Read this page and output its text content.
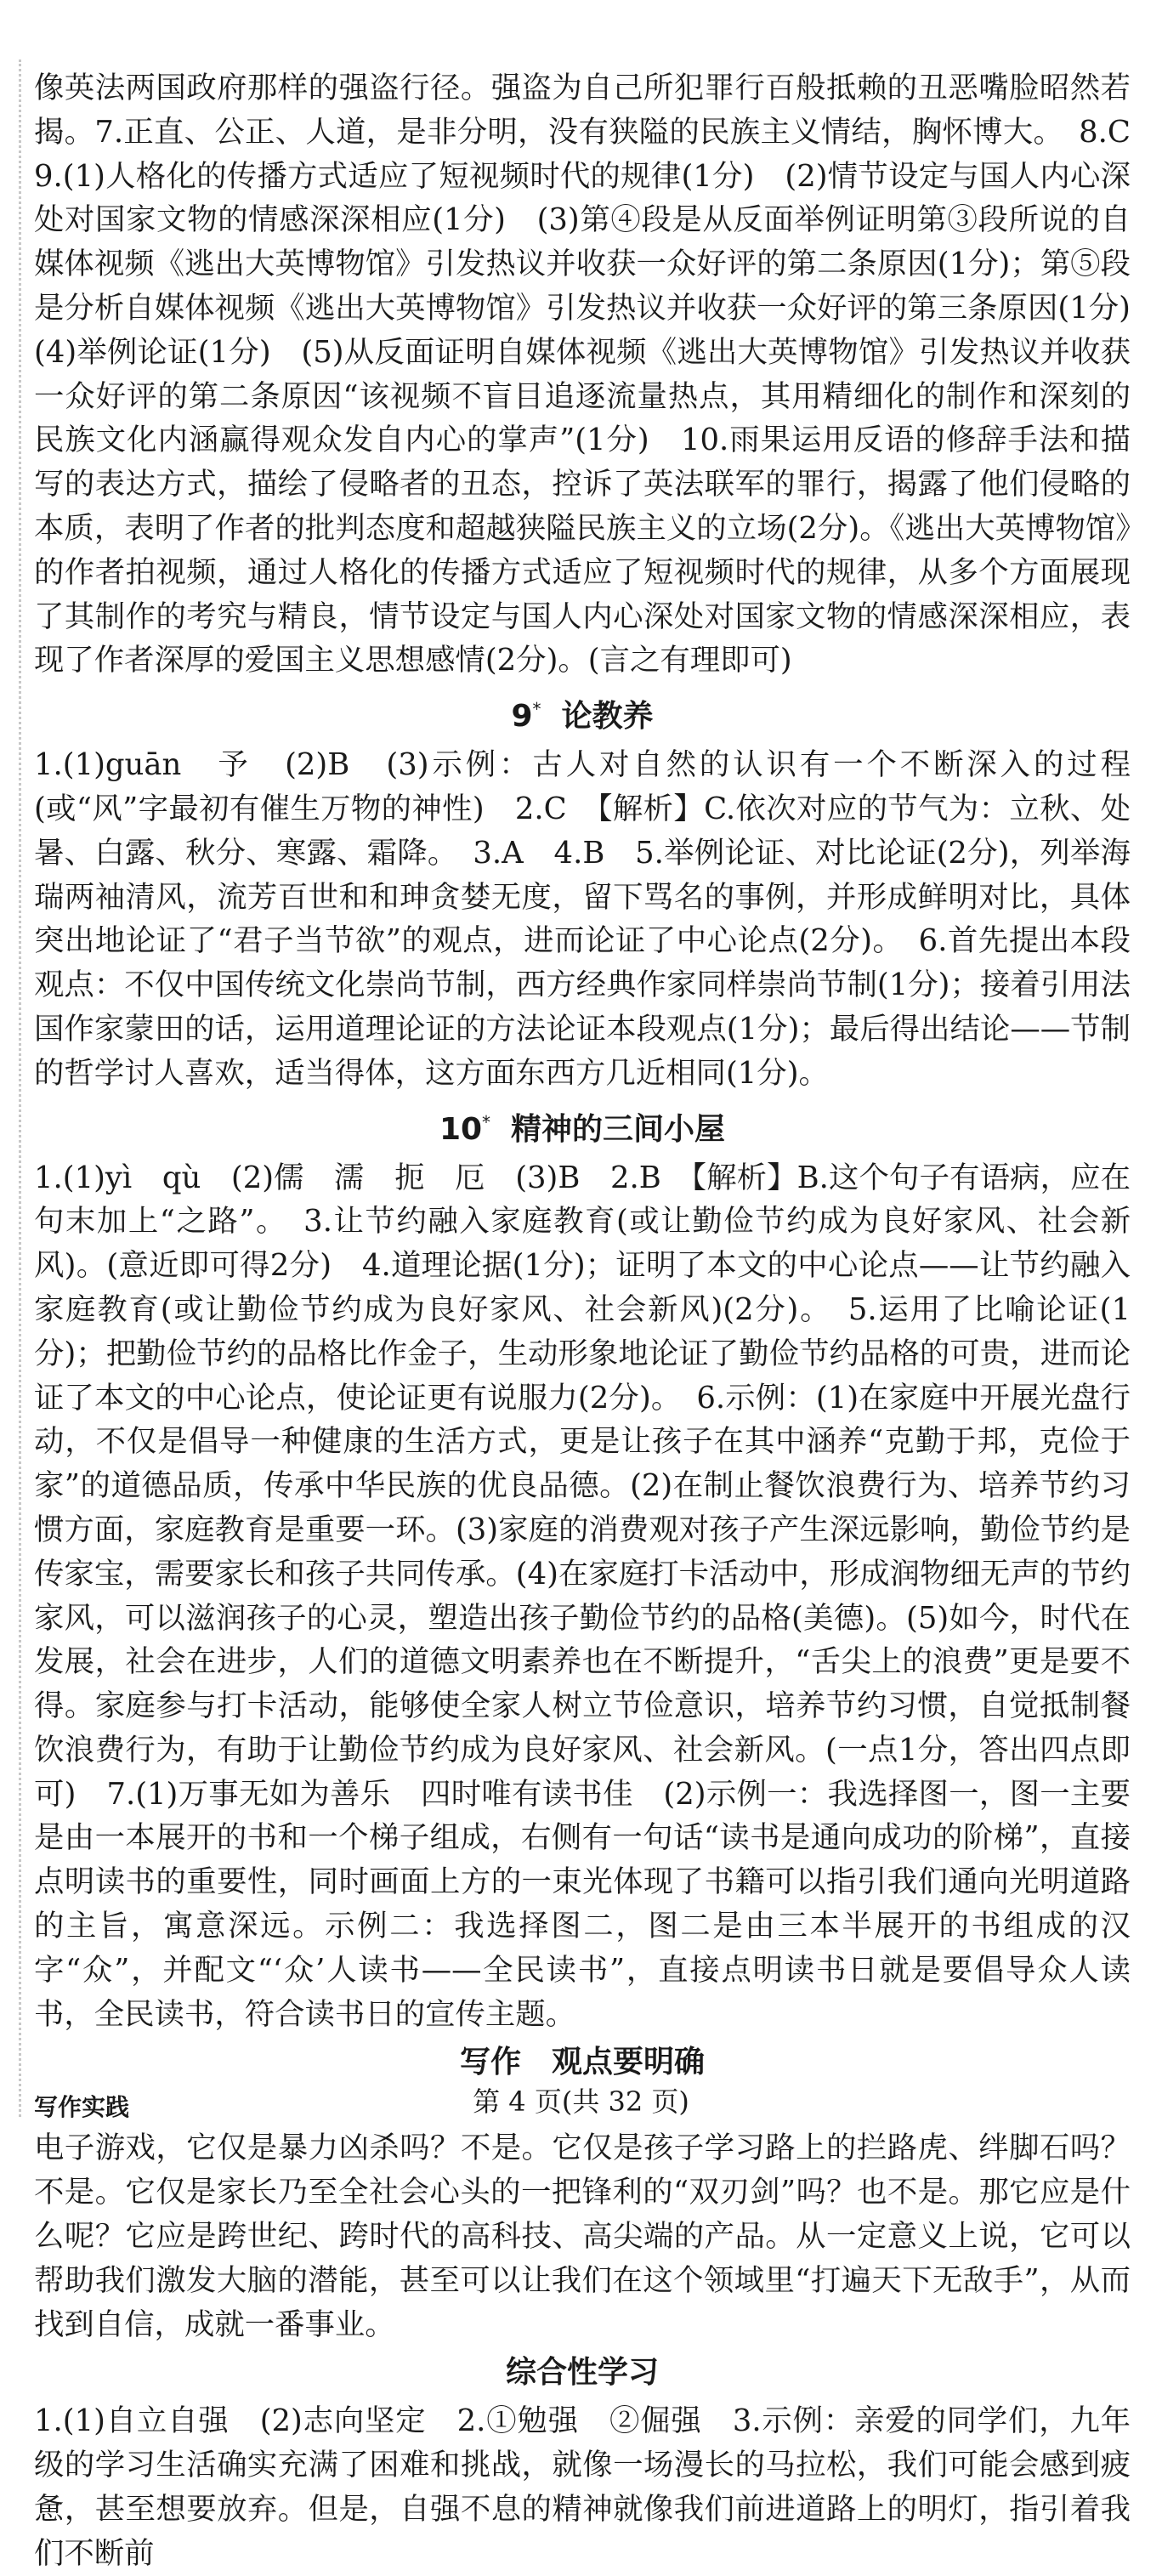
像英法两国政府那样的强盗行径。强盗为自己所犯罪行百般抵赖的丑恶嘴脸昭然若揭。7.正直、公正、人道，是非分明，没有狭隘的民族主义情结，胸怀博大。　8.C　9.(1)人格化的传播方式适应了短视频时代的规律(1分)　(2)情节设定与国人内心深处对国家文物的情感深深相应(1分)　(3)第④段是从反面举例证明第③段所说的自媒体视频《逃出大英博物馆》引发热议并收获一众好评的第二条原因(1分)；第⑤段是分析自媒体视频《逃出大英博物馆》引发热议并收获一众好评的第三条原因(1分)　(4)举例论证(1分)　(5)从反面证明自媒体视频《逃出大英博物馆》引发热议并收获一众好评的第二条原因“该视频不盲目追逐流量热点，其用精细化的制作和深刻的民族文化内涵赢得观众发自内心的掌声”(1分)　10.雨果运用反语的修辞手法和描写的表达方式，描绘了侵略者的丑态，控诉了英法联军的罪行，揭露了他们侵略的本质，表明了作者的批判态度和超越狭隘民族主义的立场(2分)。《逃出大英博物馆》的作者拍视频，通过人格化的传播方式适应了短视频时代的规律，从多个方面展现了其制作的考究与精良，情节设定与国人内心深处对国家文物的情感深深相应，表现了作者深厚的爱国主义思想感情(2分)。(言之有理即可)

9* 论教养

1.(1)guān　予　(2)B　(3)示例：古人对自然的认识有一个不断深入的过程(或“风”字最初有催生万物的神性)　2.C　【解析】C.依次对应的节气为：立秋、处暑、白露、秋分、寒露、霜降。　3.A　4.B　5.举例论证、对比论证(2分)，列举海瑞两袖清风，流芳百世和和珅贪婪无度，留下骂名的事例，并形成鲜明对比，具体突出地论证了“君子当节欲”的观点，进而论证了中心论点(2分)。　6.首先提出本段观点：不仅中国传统文化崇尚节制，西方经典作家同样崇尚节制(1分)；接着引用法国作家蒙田的话，运用道理论证的方法论证本段观点(1分)；最后得出结论——节制的哲学讨人喜欢，适当得体，这方面东西方几近相同(1分)。

10* 精神的三间小屋

1.(1)yì　qù　(2)儒　濡　扼　厄　(3)B　2.B　【解析】B.这个句子有语病，应在句末加上“之路”。　3.让节约融入家庭教育(或让勤俭节约成为良好家风、社会新风)。(意近即可得2分)　4.道理论据(1分)；证明了本文的中心论点——让节约融入家庭教育(或让勤俭节约成为良好家风、社会新风)(2分)。　5.运用了比喻论证(1分)；把勤俭节约的品格比作金子，生动形象地论证了勤俭节约品格的可贵，进而论证了本文的中心论点，使论证更有说服力(2分)。　6.示例：(1)在家庭中开展光盘行动，不仅是倡导一种健康的生活方式，更是让孩子在其中涵养“克勤于邦，克俭于家”的道德品质，传承中华民族的优良品德。(2)在制止餐饮浪费行为、培养节约习惯方面，家庭教育是重要一环。(3)家庭的消费观对孩子产生深远影响，勤俭节约是传家宝，需要家长和孩子共同传承。(4)在家庭打卡活动中，形成润物细无声的节约家风，可以滋润孩子的心灵，塑造出孩子勤俭节约的品格(美德)。(5)如今，时代在发展，社会在进步，人们的道德文明素养也在不断提升，“舌尖上的浪费”更是要不得。家庭参与打卡活动，能够使全家人树立节俭意识，培养节约习惯，自觉抵制餐饮浪费行为，有助于让勤俭节约成为良好家风、社会新风。(一点1分，答出四点即可)　7.(1)万事无如为善乐　四时唯有读书佳　(2)示例一：我选择图一，图一主要是由一本展开的书和一个梯子组成，右侧有一句话“读书是通向成功的阶梯”，直接点明读书的重要性，同时画面上方的一束光体现了书籍可以指引我们通向光明道路的主旨，寓意深远。示例二：我选择图二，图二是由三本半展开的书组成的汉字“众”，并配文“‘众’人读书——全民读书”，直接点明读书日就是要倡导众人读书，全民读书，符合读书日的宣传主题。

写作　观点要明确
写作实践

电子游戏，它仅是暴力凶杀吗？不是。它仅是孩子学习路上的拦路虎、绊脚石吗？不是。它仅是家长乃至全社会心头的一把锋利的“双刃剑”吗？也不是。那它应是什么呢？它应是跨世纪、跨时代的高科技、高尖端的产品。从一定意义上说，它可以帮助我们激发大脑的潜能，甚至可以让我们在这个领域里“打遍天下无敌手”，从而找到自信，成就一番事业。

综合性学习

1.(1)自立自强　(2)志向坚定　2.①勉强　②倔强　3.示例：亲爱的同学们，九年级的学习生活确实充满了困难和挑战，就像一场漫长的马拉松，我们可能会感到疲惫，甚至想要放弃。但是，自强不息的精神就像我们前进道路上的明灯，指引着我们不断前

第 4 页(共 32 页)
